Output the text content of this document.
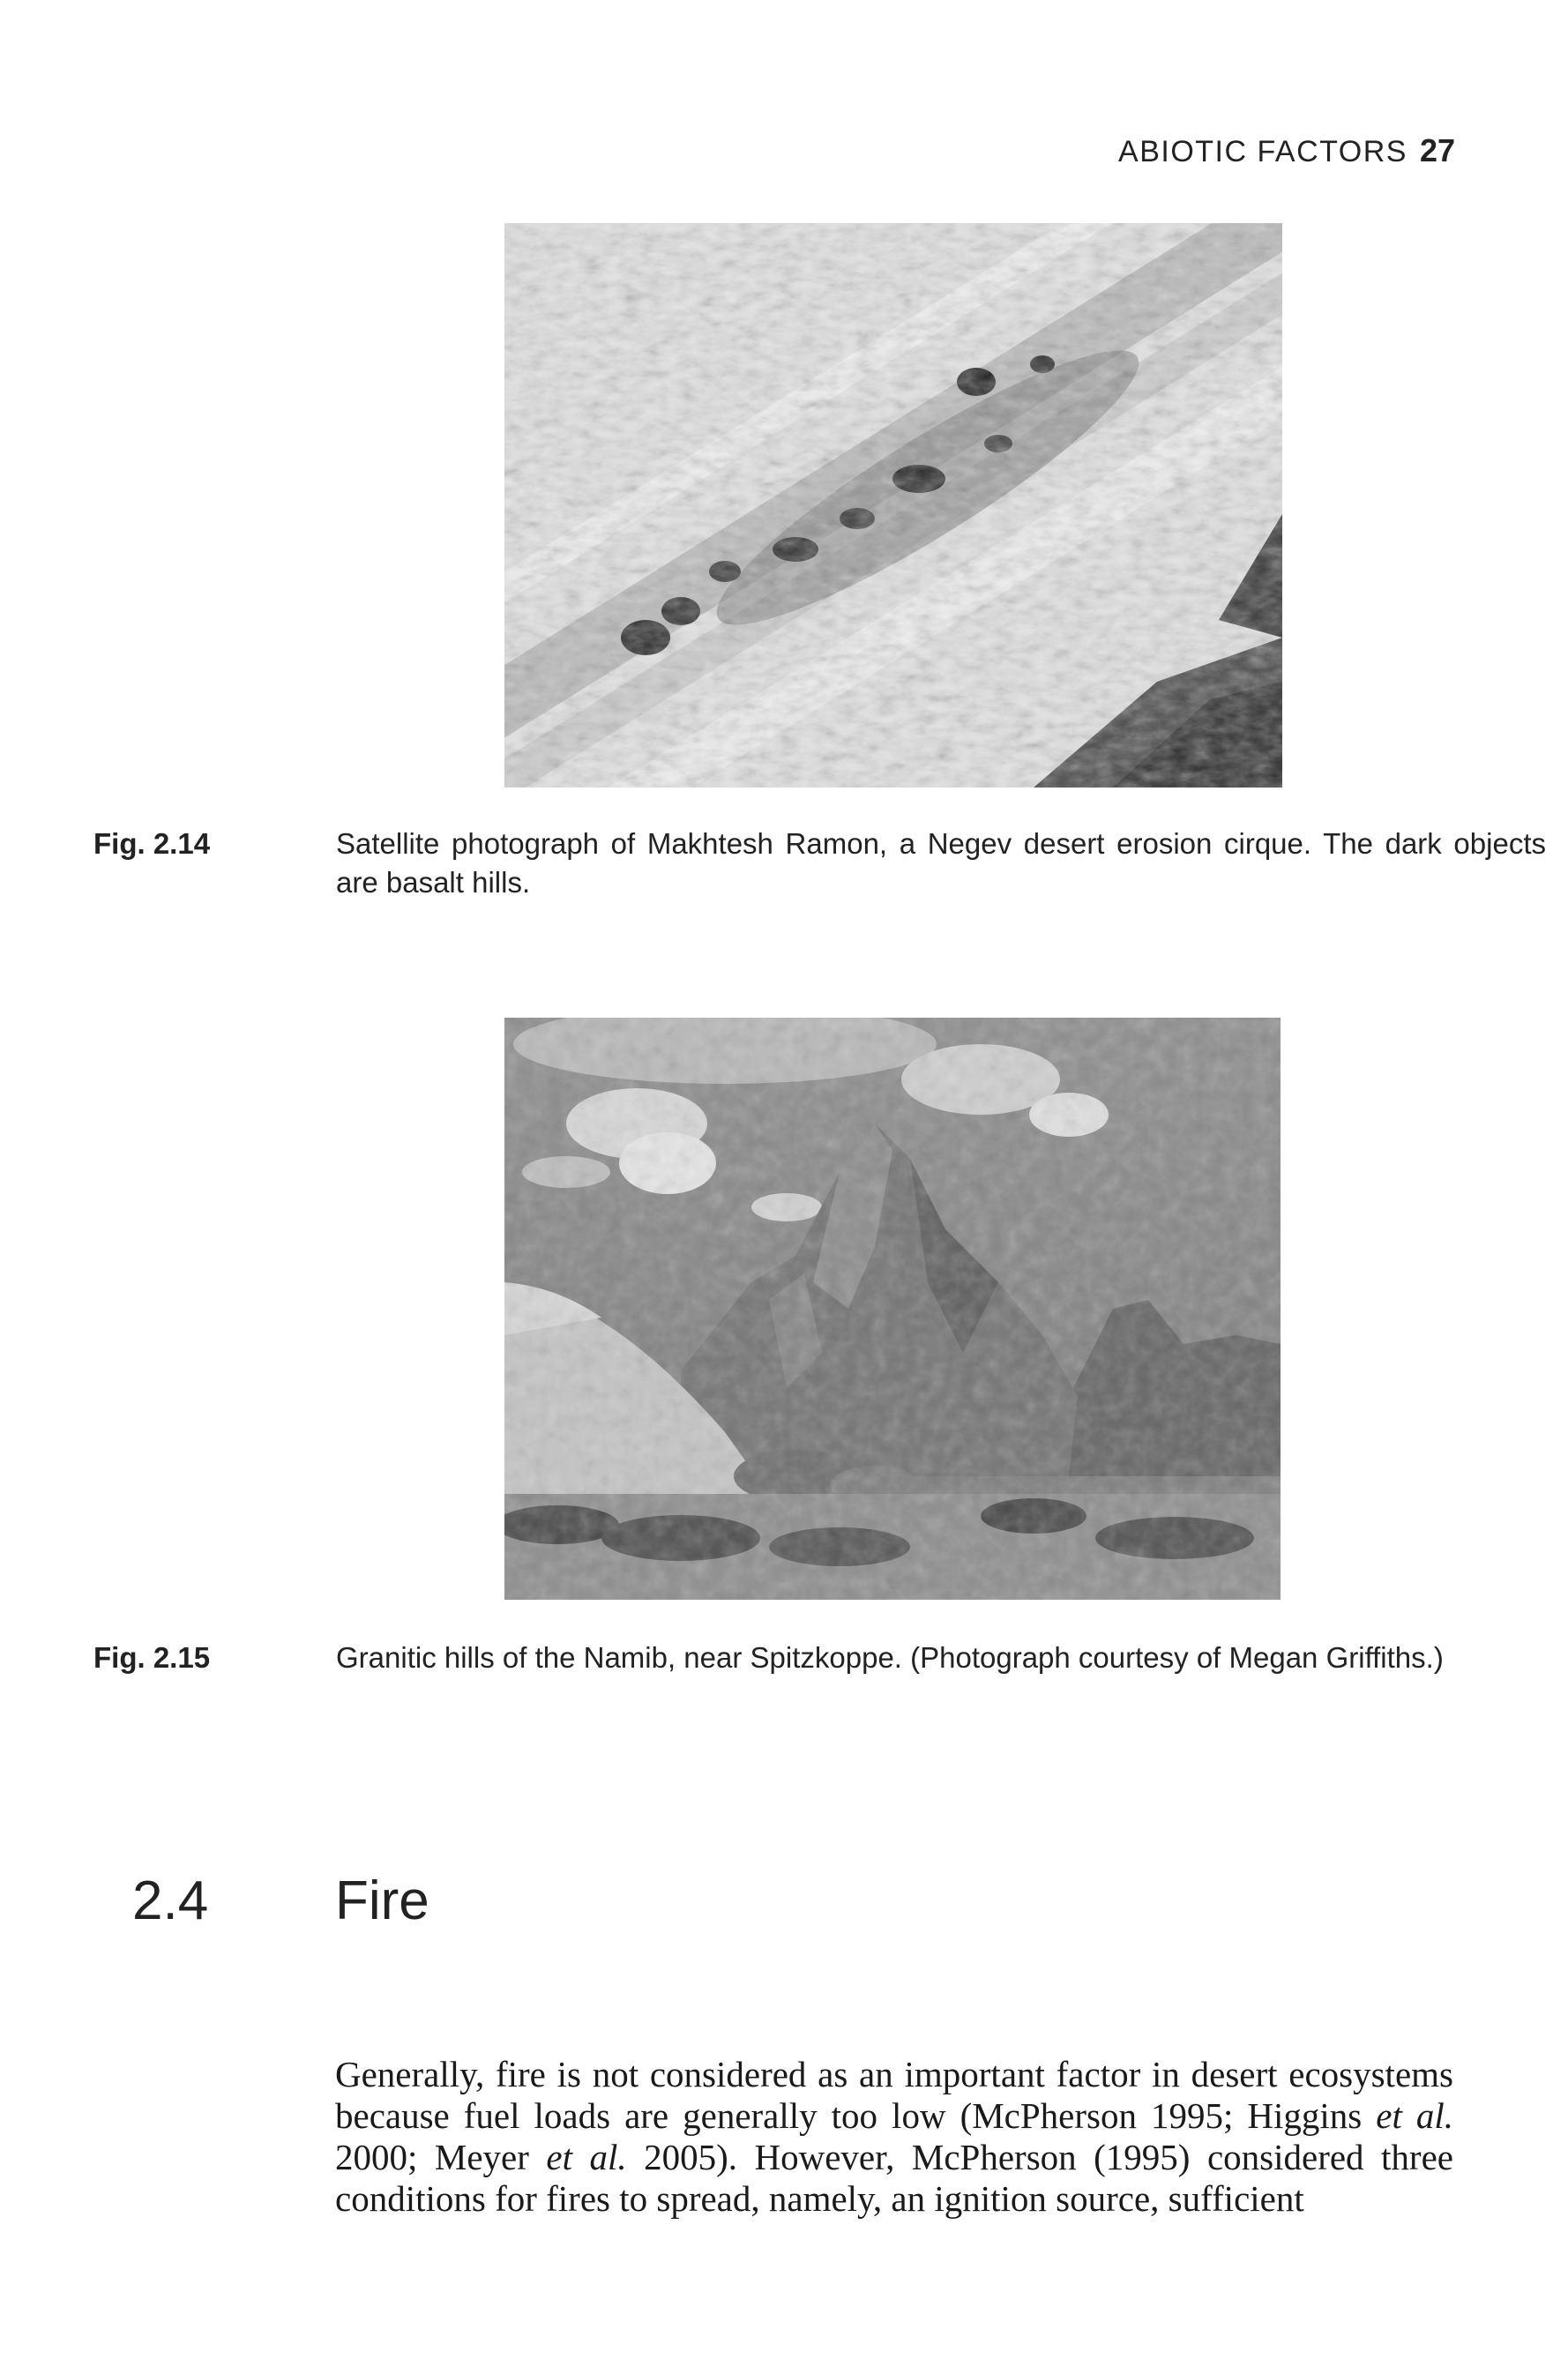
ABIOTIC FACTORS 27
Fig. 2.14	Satellite photograph of Makhtesh Ramon, a Negev desert erosion cirque. The dark objects are basalt hills.
Fig. 2.15	Granitic hills of the Namib, near Spitzkoppe. (Photograph courtesy of Megan Griffiths.)
2.4 Fire

Generally, fire is not considered as an important factor in desert ecosystems because fuel loads are generally too low (McPherson 1995; Higgins et al. 2000; Meyer et al. 2005). However, McPherson (1995) considered three conditions for fires to spread, namely, an ignition source, sufficient
